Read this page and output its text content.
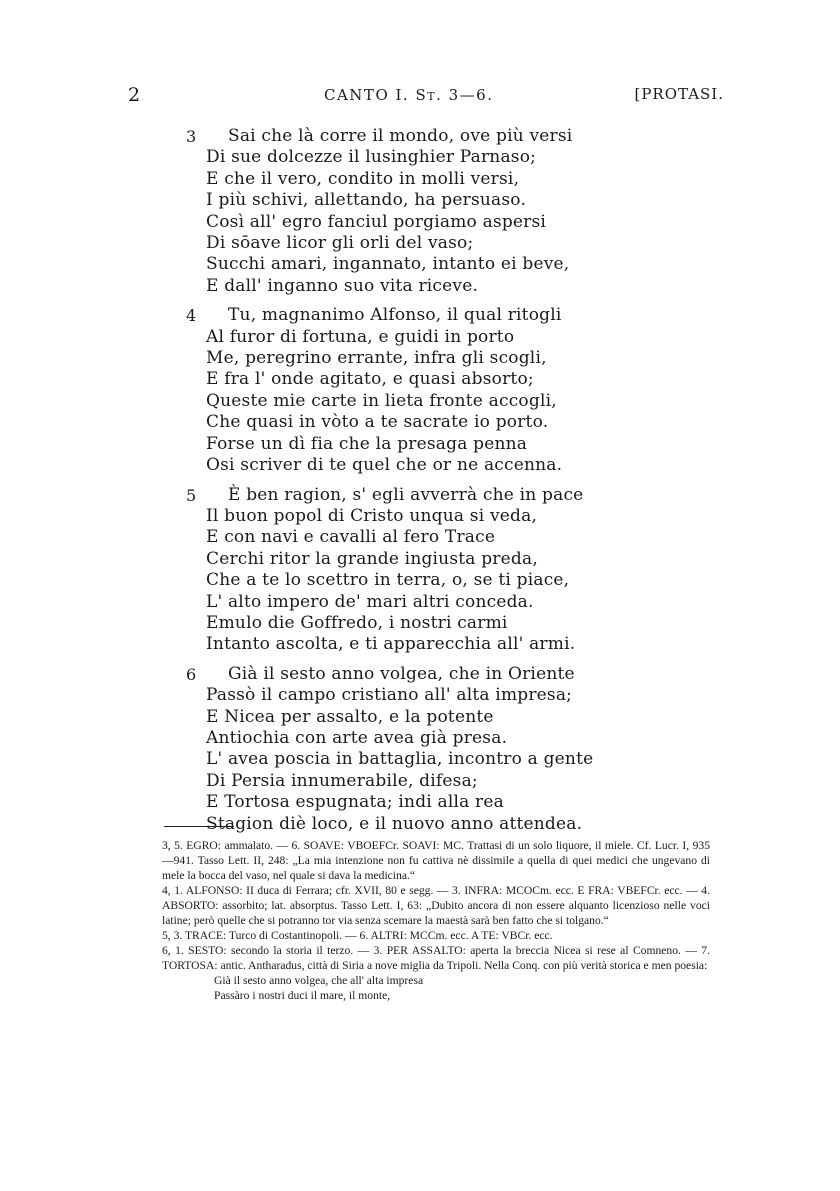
2	CANTO I. St. 3—6.	[PROTASI.
3 Sai che là corre il mondo, ove più versi
Di sue dolcezze il lusinghier Parnaso;
E che il vero, condito in molli versi,
I più schivi, allettando, ha persuaso.
Così all' egro fanciul porgiamo aspersi
Di sōave licor gli orli del vaso;
Succhi amari, ingannato, intanto ei beve,
E dall' inganno suo vita riceve.
4 Tu, magnanimo Alfonso, il qual ritogli
Al furor di fortuna, e guidi in porto
Me, peregrino errante, infra gli scogli,
E fra l' onde agitato, e quasi absorto;
Queste mie carte in lieta fronte accogli,
Che quasi in vòto a te sacrate io porto.
Forse un dì fia che la presaga penna
Osi scriver di te quel che or ne accenna.
5 È ben ragion, s' egli avverrà che in pace
Il buon popol di Cristo unqua si veda,
E con navi e cavalli al fero Trace
Cerchi ritor la grande ingiusta preda,
Che a te lo scettro in terra, o, se ti piace,
L' alto impero de' mari altri conceda.
Emulo die Goffredo, i nostri carmi
Intanto ascolta, e ti apparecchia all' armi.
6 Già il sesto anno volgea, che in Oriente
Passò il campo cristiano all' alta impresa;
E Nicea per assalto, e la potente
Antiochia con arte avea già presa.
L' avea poscia in battaglia, incontro a gente
Di Persia innumerabile, difesa;
E Tortosa espugnata; indi alla rea
Stagion diè loco, e il nuovo anno attendea.

3, 5. EGRO: ammalato. — 6. SOAVE: VBOEFCr. SOAVI: MC. Trattasi di un solo liquore, il miele. Cf. Lucr. I, 935—941. Tasso Lett. II, 248: „La mia intenzione non fu cattiva nè dissimile a quella di quei medici che ungevano di mele la bocca del vaso, nel quale si dava la medicina.“

4, 1. ALFONSO: II duca di Ferrara; cfr. XVII, 80 e segg. — 3. INFRA: MCOCm. ecc. E FRA: VBEFCr. ecc. — 4. ABSORTO: assorbito; lat. absorptus. Tasso Lett. I, 63: „Dubito ancora di non essere alquanto licenzioso nelle voci latine; però quelle che si potranno tor via senza scemare la maestà sarà ben fatto che si tolgano.“

5, 3. TRACE: Turco di Costantinopoli. — 6. ALTRI: MCCm. ecc. A TE: VBCr. ecc.

6, 1. SESTO: secondo la storia il terzo. — 3. PER ASSALTO: aperta la breccia Nicea si rese al Comneno. — 7. TORTOSA: antic. Antharadus, città di Siria a nove miglia da Tripoli. Nella Conq. con più verità storica e men poesia:

Già il sesto anno volgea, che all' alta impresa
Passàro i nostri duci il mare, il monte,
